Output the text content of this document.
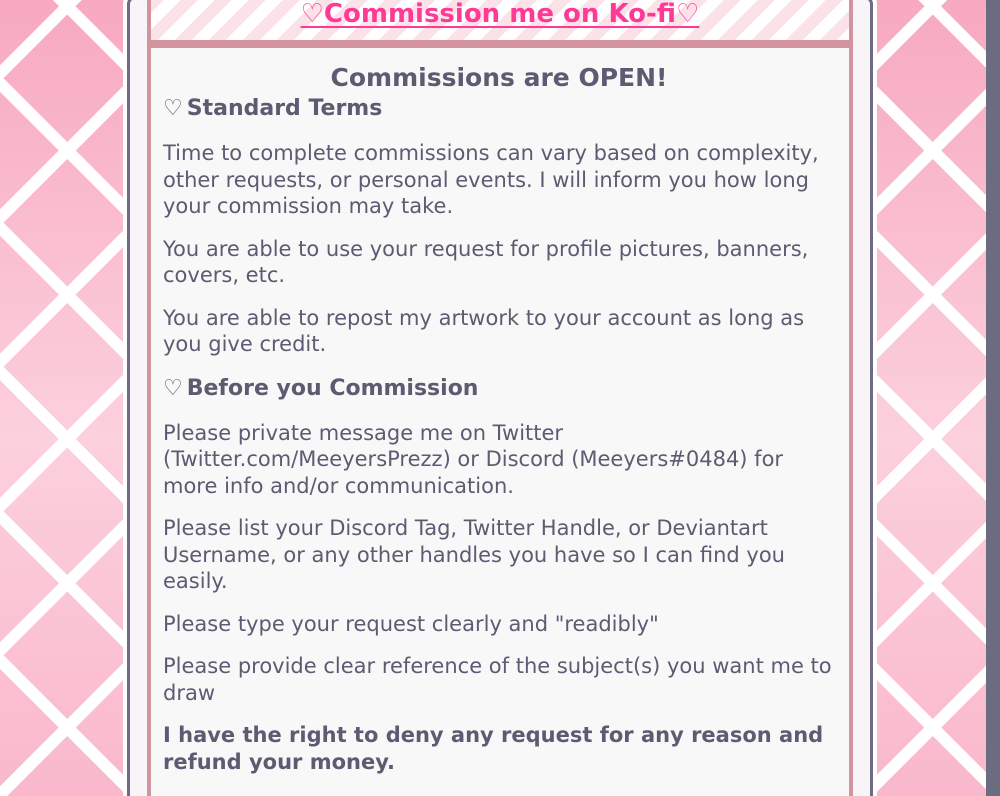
♡Commission me on Ko-fi♡
Commissions are OPEN!
♡ Standard Terms

Time to complete commissions can vary based on complexity, other requests, or personal events. I will inform you how long your commission may take.

You are able to use your request for profile pictures, banners, covers, etc.

You are able to repost my artwork to your account as long as you give credit.

♡ Before you Commission

Please private message me on Twitter (Twitter.com/MeeyersPrezz) or Discord (Meeyers#0484) for more info and/or communication.

Please list your Discord Tag, Twitter Handle, or Deviantart Username, or any other handles you have so I can find you easily.

Please type your request clearly and "readibly"

Please provide clear reference of the subject(s) you want me to draw

I have the right to deny any request for any reason and refund your money.
